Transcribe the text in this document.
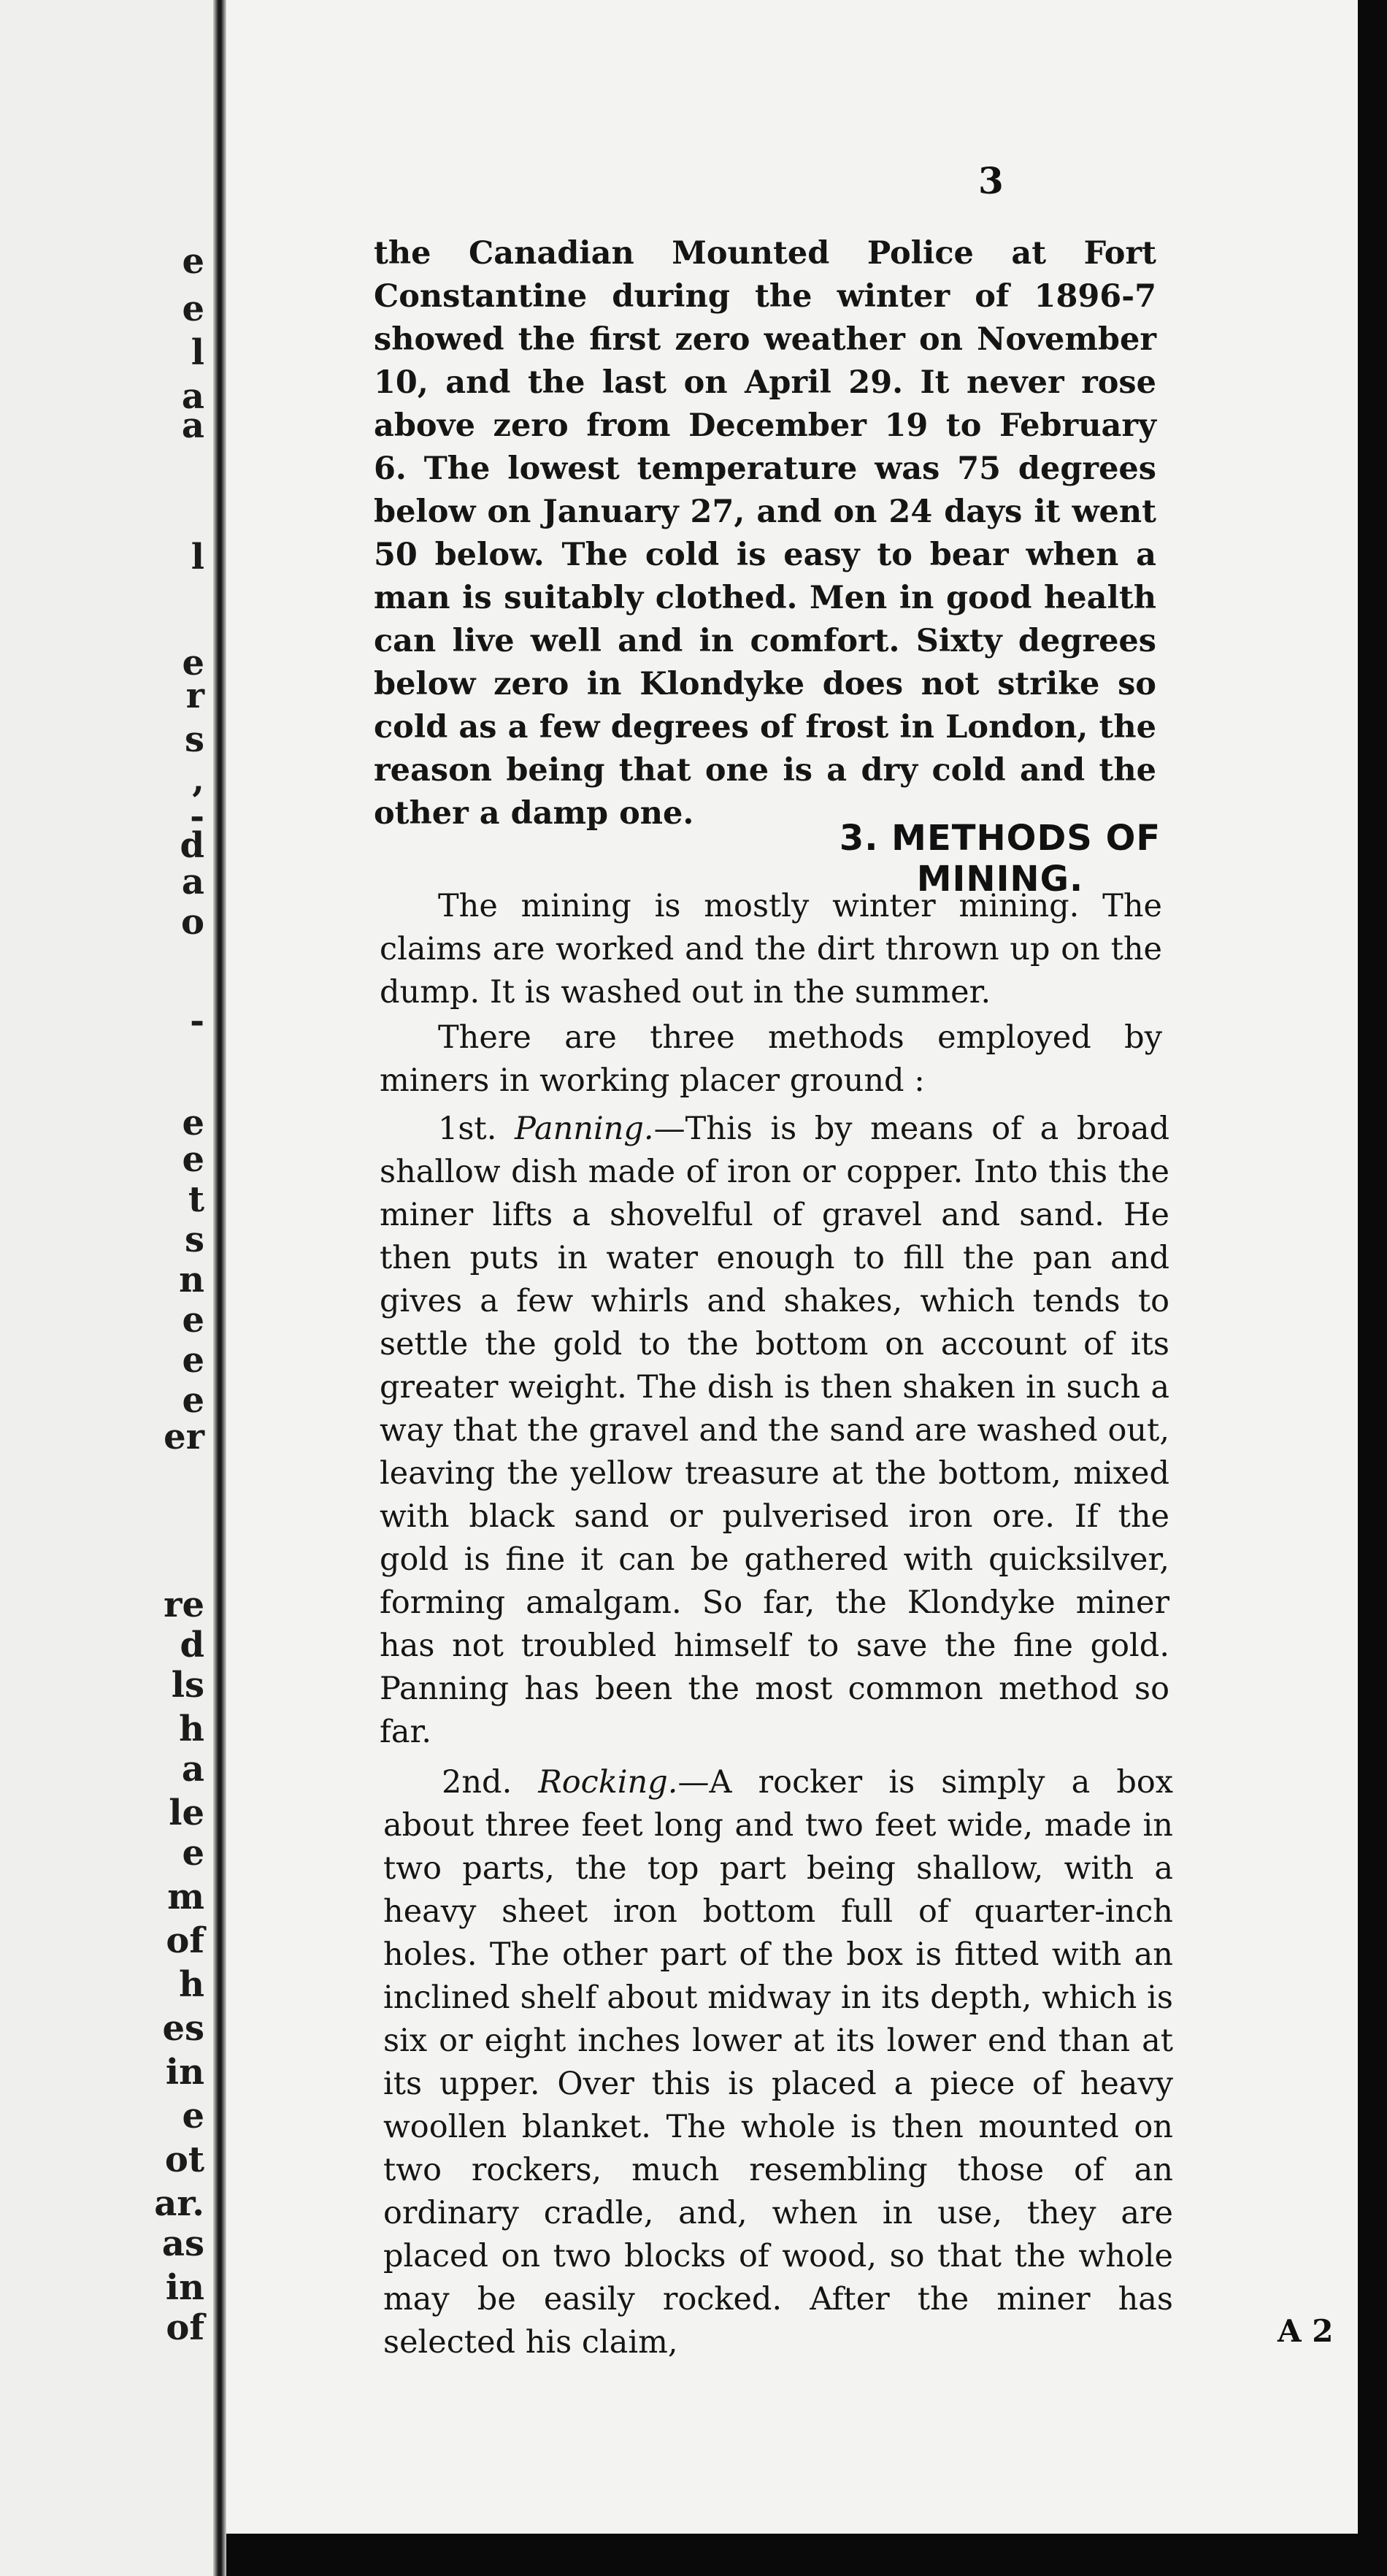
e
e
l
a
a
l
e
r
s
,
-
d
a
o
-
e
e
t
s
n
e
e
e
er
re
d
ls
h
a
le
e
m
of
h
es
in
e
ot
ar.
as
in
of
3

the Canadian Mounted Police at Fort Constantine during the winter of 1896-7 showed the first zero weather on November 10, and the last on April 29. It never rose above zero from December 19 to February 6. The lowest temperature was 75 degrees below on January 27, and on 24 days it went 50 below. The cold is easy to bear when a man is suitably clothed. Men in good health can live well and in comfort. Sixty degrees below zero in Klondyke does not strike so cold as a few degrees of frost in London, the reason being that one is a dry cold and the other a damp one.

3. METHODS OF MINING.

The mining is mostly winter mining. The claims are worked and the dirt thrown up on the dump. It is washed out in the summer.

There are three methods employed by miners in working placer ground :

1st. Panning.—This is by means of a broad shallow dish made of iron or copper. Into this the miner lifts a shovelful of gravel and sand. He then puts in water enough to fill the pan and gives a few whirls and shakes, which tends to settle the gold to the bottom on account of its greater weight. The dish is then shaken in such a way that the gravel and the sand are washed out, leaving the yellow treasure at the bottom, mixed with black sand or pulverised iron ore. If the gold is fine it can be gathered with quicksilver, forming amalgam. So far, the Klondyke miner has not troubled himself to save the fine gold. Panning has been the most common method so far.

2nd. Rocking.—A rocker is simply a box about three feet long and two feet wide, made in two parts, the top part being shallow, with a heavy sheet iron bottom full of quarter-inch holes. The other part of the box is fitted with an inclined shelf about midway in its depth, which is six or eight inches lower at its lower end than at its upper. Over this is placed a piece of heavy woollen blanket. The whole is then mounted on two rockers, much resembling those of an ordinary cradle, and, when in use, they are placed on two blocks of wood, so that the whole may be easily rocked. After the miner has selected his claim,	A 2
